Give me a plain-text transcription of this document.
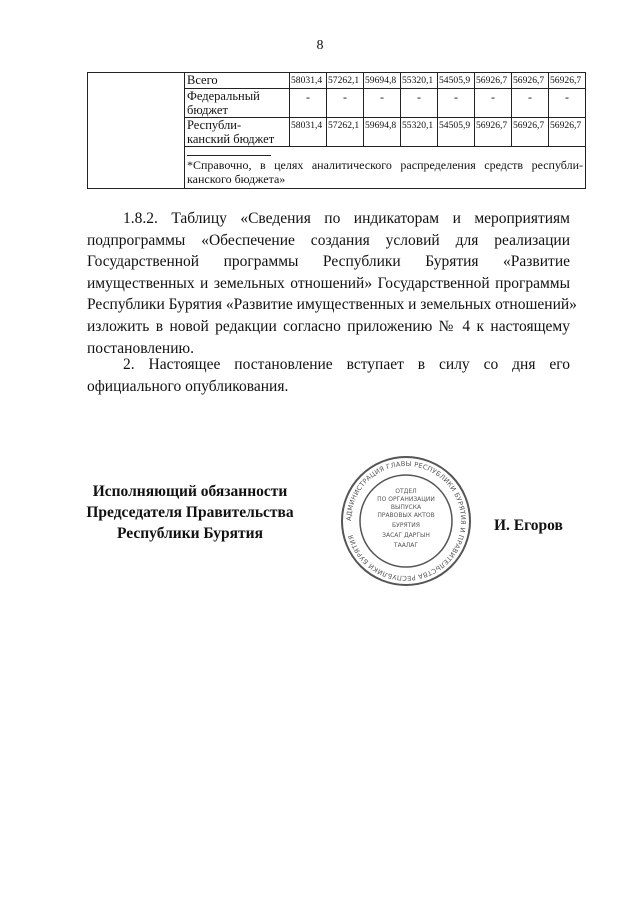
8
	Всего	58031,4	57262,1	59694,8	55320,1	54505,9	56926,7	56926,7	56926,7

	Федеральный
бюджет	-	-	-	-	-	-	-	-

	Республи-
канский бюджет	58031,4	57262,1	59694,8	55320,1	54505,9	56926,7	56926,7	56926,7

	*Справочно, в целях аналитического распределения средств республи-
канского бюджета»								
1.8.2. Таблицу «Сведения по индикаторам и мероприятиям
подпрограммы «Обеспечение создания условий для реализации
Государственной программы Республики Бурятия «Развитие
имущественных и земельных отношений» Государственной программы
Республики Бурятия «Развитие имущественных и земельных отношений»
изложить в новой редакции согласно приложению № 4 к настоящему
постановлению.
2. Настоящее постановление вступает в силу со дня его
официального опубликования.
Исполняющий обязанности
Председателя Правительства
Республики Бурятия
АДМИНИСТРАЦИЯ ГЛАВЫ РЕСПУБЛИКИ БУРЯТИЯ И ПРАВИТЕЛЬСТВА РЕСПУБЛИКИ БУРЯТИЯ
ОТДЕЛ
ПО ОРГАНИЗАЦИИ
ВЫПУСКА
ПРАВОВЫХ АКТОВ
БУРЯТИЯ
ЗАСАГ ДАРГЫН
ТААЛАГ
И. Егоров
